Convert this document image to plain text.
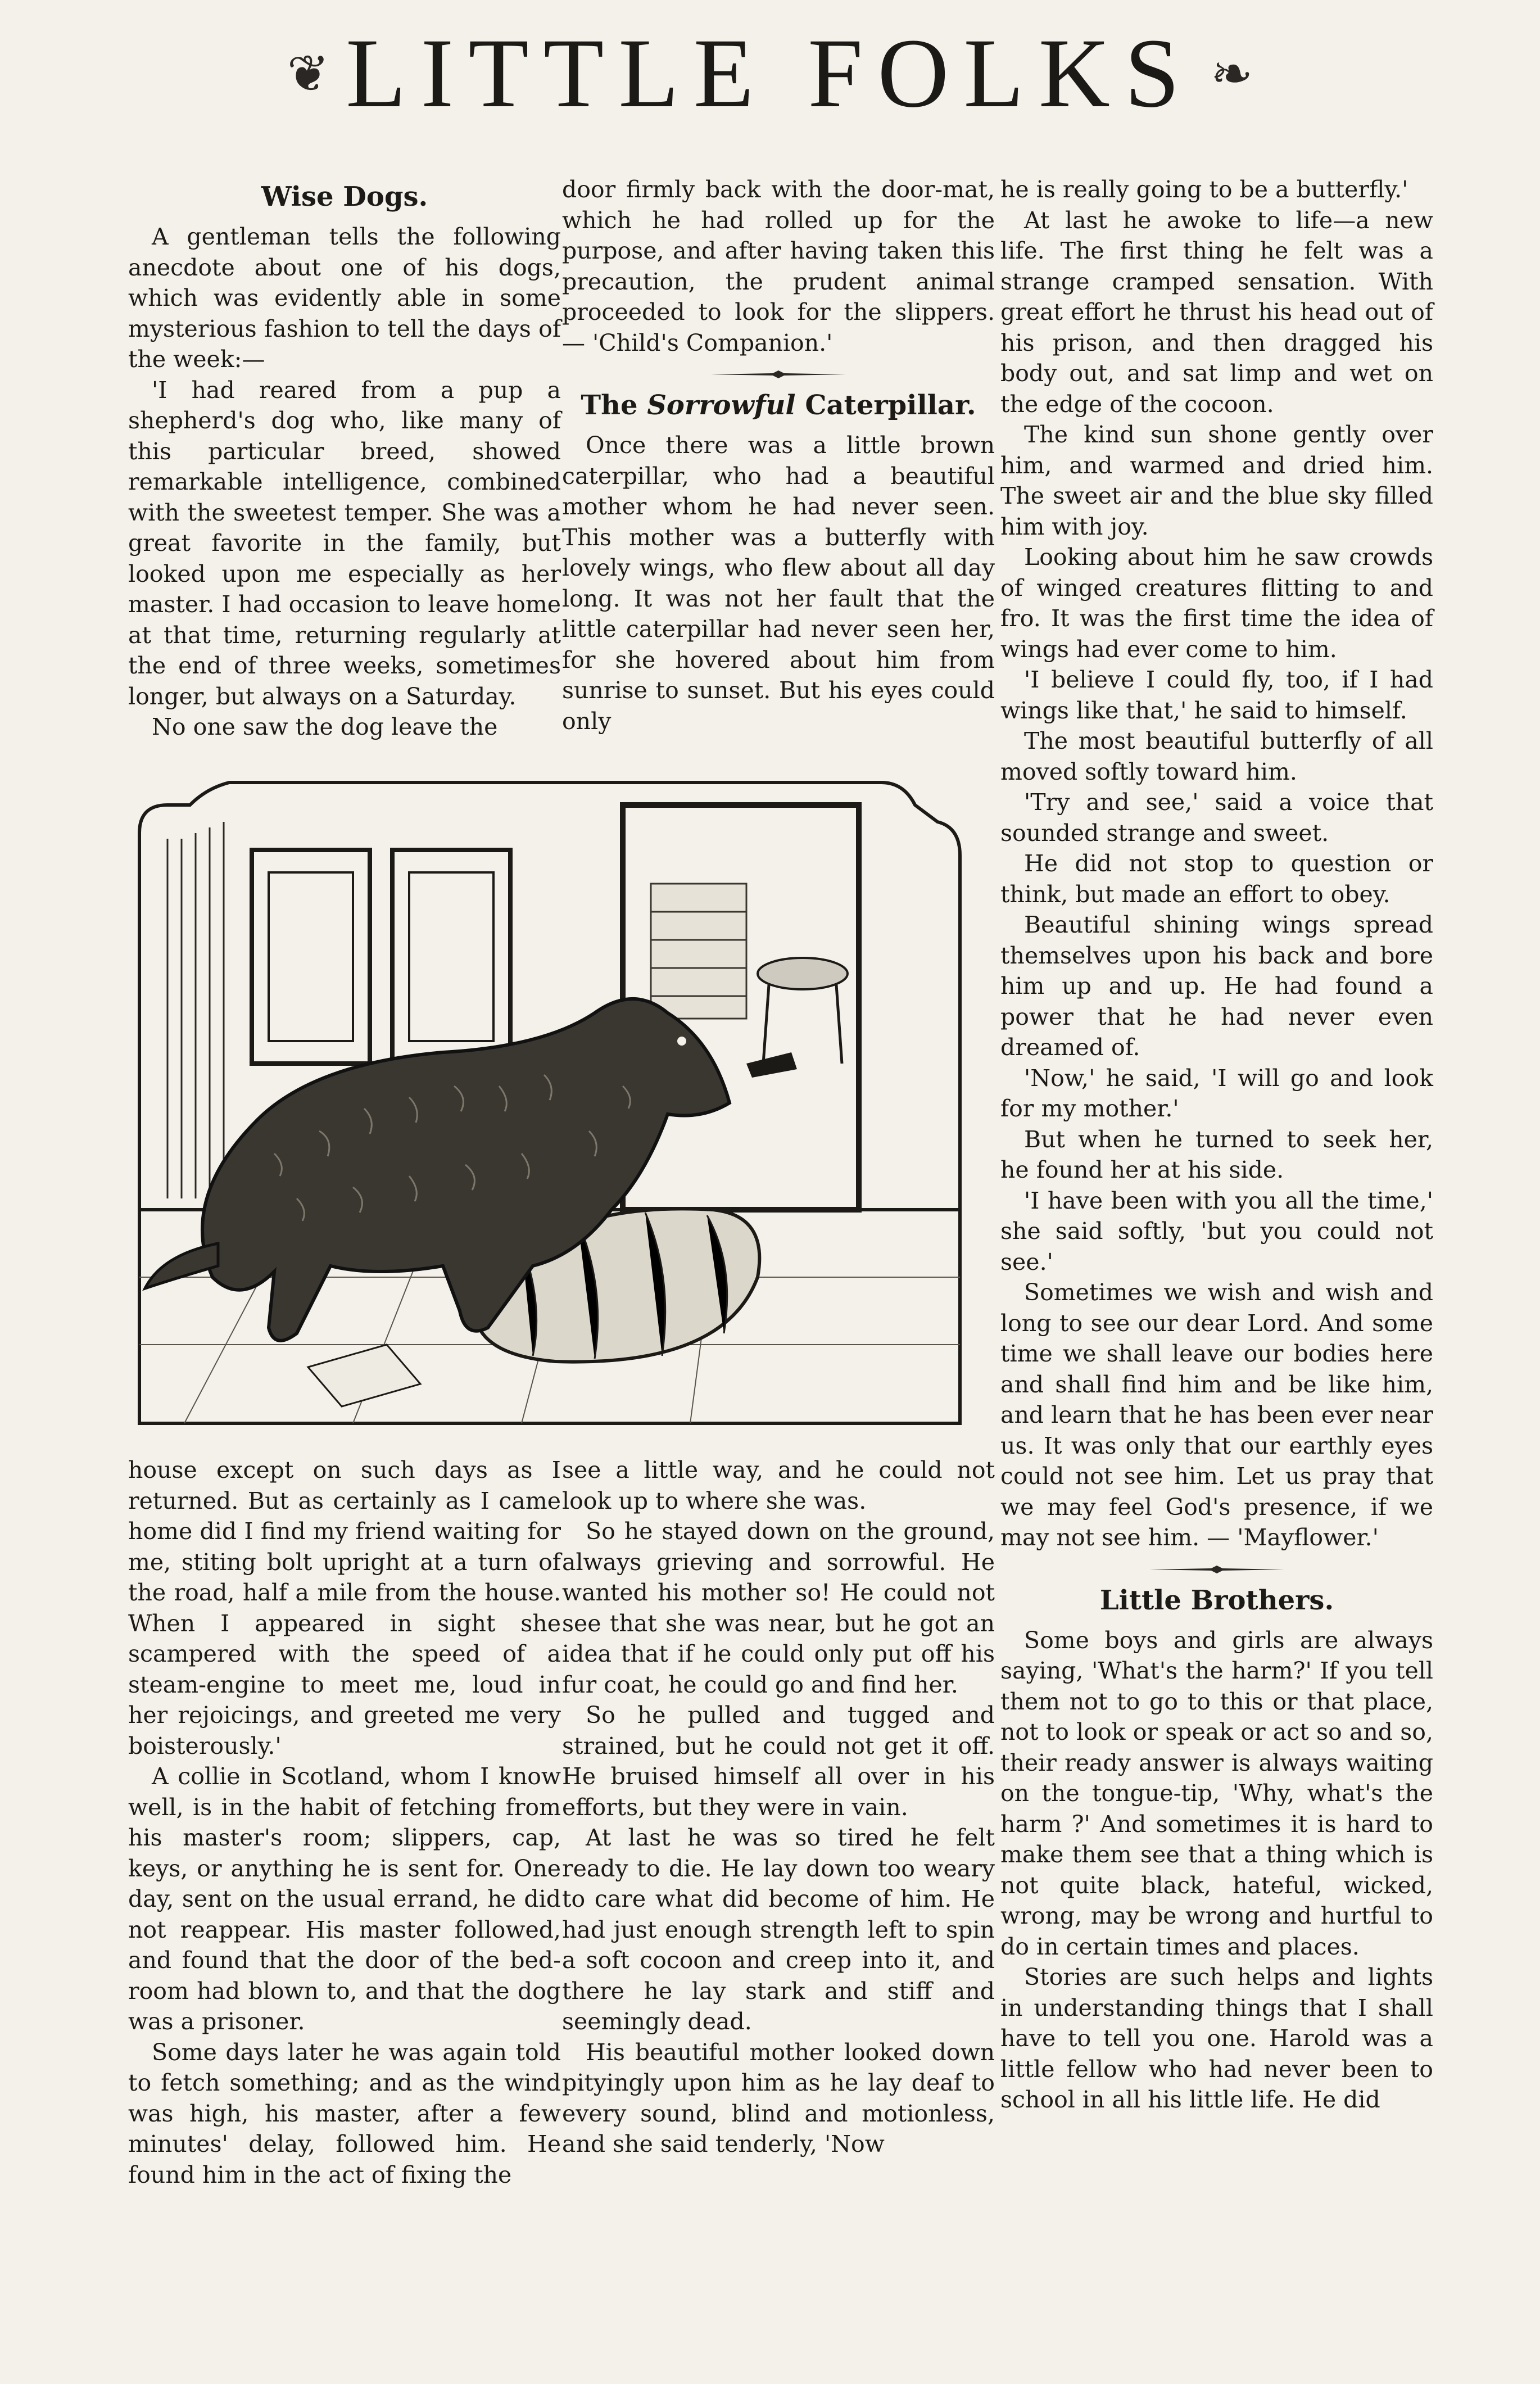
❦ LITTLE FOLKS ❧
Wise Dogs.

A gentleman tells the following anecdote about one of his dogs, which was evidently able in some mysterious fashion to tell the days of the week:—

'I had reared from a pup a shepherd's dog who, like many of this particular breed, showed remarkable intelligence, combined with the sweetest temper. She was a great favorite in the family, but looked upon me especially as her master. I had occasion to leave home at that time, returning regularly at the end of three weeks, sometimes longer, but always on a Saturday.

No one saw the dog leave the

door firmly back with the door-mat, which he had rolled up for the purpose, and after having taken this precaution, the prudent animal proceeded to look for the slippers. — 'Child's Companion.'

The Sorrowful Caterpillar.

Once there was a little brown caterpillar, who had a beautiful mother whom he had never seen. This mother was a butterfly with lovely wings, who flew about all day long. It was not her fault that the little caterpillar had never seen her, for she hovered about him from sunrise to sunset. But his eyes could only

he is really going to be a butterfly.'

At last he awoke to life—a new life. The first thing he felt was a strange cramped sensation. With great effort he thrust his head out of his prison, and then dragged his body out, and sat limp and wet on the edge of the cocoon.

The kind sun shone gently over him, and warmed and dried him. The sweet air and the blue sky filled him with joy.

Looking about him he saw crowds of winged creatures flitting to and fro. It was the first time the idea of wings had ever come to him.

'I believe I could fly, too, if I had wings like that,' he said to himself.

The most beautiful butterfly of all moved softly toward him.

'Try and see,' said a voice that sounded strange and sweet.

He did not stop to question or think, but made an effort to obey.

Beautiful shining wings spread themselves upon his back and bore him up and up. He had found a power that he had never even dreamed of.

'Now,' he said, 'I will go and look for my mother.'

But when he turned to seek her, he found her at his side.

'I have been with you all the time,' she said softly, 'but you could not see.'

Sometimes we wish and wish and long to see our dear Lord. And some time we shall leave our bodies here and shall find him and be like him, and learn that he has been ever near us. It was only that our earthly eyes could not see him. Let us pray that we may feel God's presence, if we may not see him. — 'Mayflower.'

Little Brothers.

Some boys and girls are always saying, 'What's the harm?' If you tell them not to go to this or that place, not to look or speak or act so and so, their ready answer is always waiting on the tongue-tip, 'Why, what's the harm ?' And sometimes it is hard to make them see that a thing which is not quite black, hateful, wicked, wrong, may be wrong and hurtful to do in certain times and places.

Stories are such helps and lights in understanding things that I shall have to tell you one. Harold was a little fellow who had never been to school in all his little life. He did

house except on such days as I returned. But as certainly as I came home did I find my friend waiting for me, stiting bolt upright at a turn of the road, half a mile from the house. When I appeared in sight she scampered with the speed of a steam-engine to meet me, loud in her rejoicings, and greeted me very boisterously.'

A collie in Scotland, whom I know well, is in the habit of fetching from his master's room; slippers, cap, keys, or anything he is sent for. One day, sent on the usual errand, he did not reappear. His master followed, and found that the door of the bed-room had blown to, and that the dog was a prisoner.

Some days later he was again told to fetch something; and as the wind was high, his master, after a few minutes' delay, followed him. He found him in the act of fixing the

see a little way, and he could not look up to where she was.

So he stayed down on the ground, always grieving and sorrowful. He wanted his mother so! He could not see that she was near, but he got an idea that if he could only put off his fur coat, he could go and find her.

So he pulled and tugged and strained, but he could not get it off. He bruised himself all over in his efforts, but they were in vain.

At last he was so tired he felt ready to die. He lay down too weary to care what did become of him. He had just enough strength left to spin a soft cocoon and creep into it, and there he lay stark and stiff and seemingly dead.

His beautiful mother looked down pityingly upon him as he lay deaf to every sound, blind and motionless, and she said tenderly, 'Now
